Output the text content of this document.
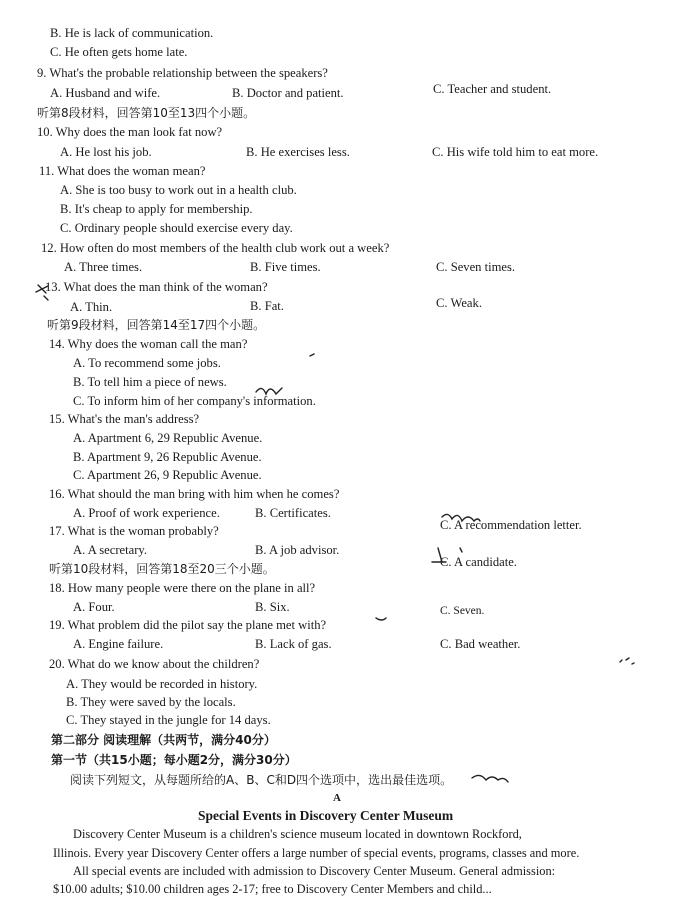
B. He is lack of communication.
C. He often gets home late.
9. What's the probable relationship between the speakers?
A. Husband and wife.	B. Doctor and patient.	C. Teacher and student.
听第8段材料，回答第10至13四个小题。
10. Why does the man look fat now?
A. He lost his job.	B. He exercises less.	C. His wife told him to eat more.
11. What does the woman mean?
A. She is too busy to work out in a health club.
B. It's cheap to apply for membership.
C. Ordinary people should exercise every day.
12. How often do most members of the health club work out a week?
A. Three times.	B. Five times.	C. Seven times.
13. What does the man think of the woman?
A. Thin.	B. Fat.	C. Weak.
听第9段材料，回答第14至17四个小题。
14. Why does the woman call the man?
A. To recommend some jobs.
B. To tell him a piece of news.
C. To inform him of her company's information.
15. What's the man's address?
A. Apartment 6, 29 Republic Avenue.
B. Apartment 9, 26 Republic Avenue.
C. Apartment 26, 9 Republic Avenue.
16. What should the man bring with him when he comes?
A. Proof of work experience.	B. Certificates.
C. A recommendation letter.
17. What is the woman probably?
A. A secretary.	B. A job advisor.
C. A candidate.
听第10段材料，回答第18至20三个小题。
18. How many people were there on the plane in all?
A. Four.	B. Six.	C. Seven.
19. What problem did the pilot say the plane met with?
A. Engine failure.	B. Lack of gas.	C. Bad weather.
20. What do we know about the children?
A. They would be recorded in history.
B. They were saved by the locals.
C. They stayed in the jungle for 14 days.
第二部分 阅读理解（共两节，满分40分）
第一节（共15小题；每小题2分，满分30分）
阅读下列短文，从每题所给的A、B、C和D四个选项中，选出最佳选项。
A
Special Events in Discovery Center Museum
Discovery Center Museum is a children's science museum located in downtown Rockford,
Illinois. Every year Discovery Center offers a large number of special events, programs, classes and more.
All special events are included with admission to Discovery Center Museum. General admission:
$10.00 adults; $10.00 children ages 2-17; free to Discovery Center Members and child...
